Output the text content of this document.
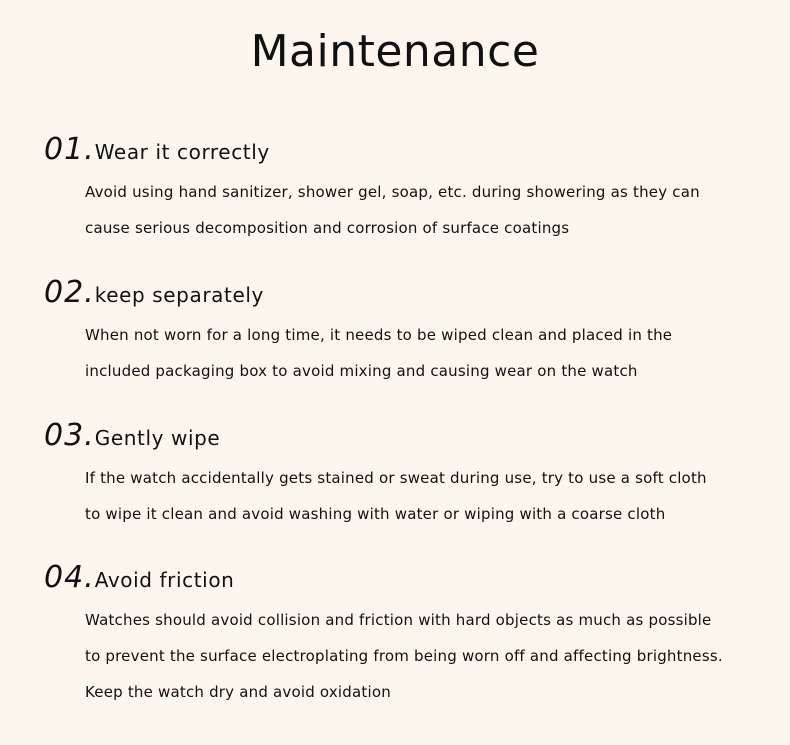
Maintenance
01.Wear it correctly
Avoid using hand sanitizer, shower gel, soap, etc. during showering as they can
cause serious decomposition and corrosion of surface coatings
02.keep separately
When not worn for a long time, it needs to be wiped clean and placed in the
included packaging box to avoid mixing and causing wear on the watch
03.Gently wipe
If the watch accidentally gets stained or sweat during use, try to use a soft cloth
to wipe it clean and avoid washing with water or wiping with a coarse cloth
04.Avoid friction
Watches should avoid collision and friction with hard objects as much as possible
to prevent the surface electroplating from being worn off and affecting brightness.
Keep the watch dry and avoid oxidation
